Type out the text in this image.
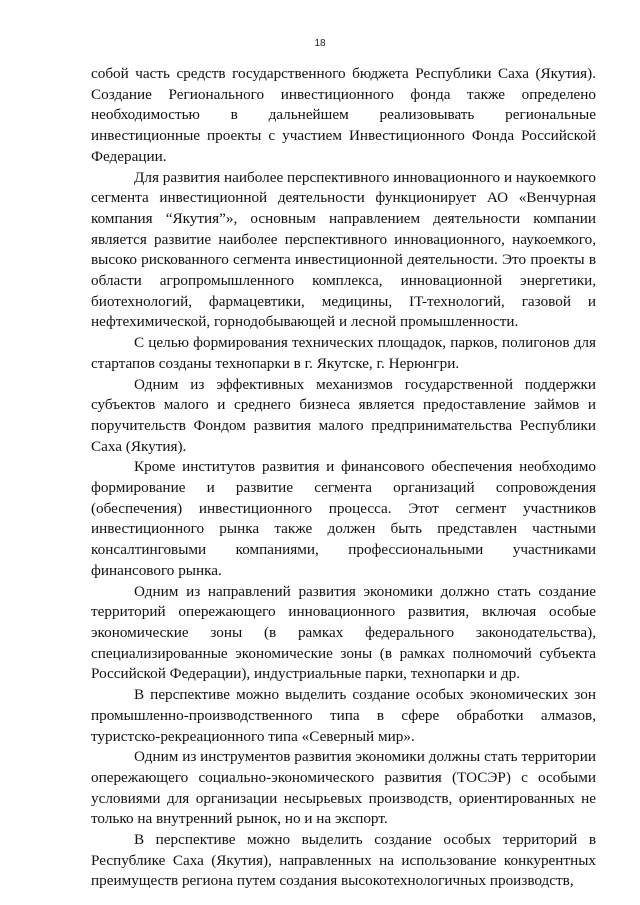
18

собой часть средств государственного бюджета Республики Саха (Якутия). Создание Регионального инвестиционного фонда также определено необходимостью в дальнейшем реализовывать региональные инвестиционные проекты с участием Инвестиционного Фонда Российской Федерации.

Для развития наиболее перспективного инновационного и наукоемкого сегмента инвестиционной деятельности функционирует АО «Венчурная компания “Якутия”», основным направлением деятельности компании является развитие наиболее перспективного инновационного, наукоемкого, высоко рискованного сегмента инвестиционной деятельности. Это проекты в области агропромышленного комплекса, инновационной энергетики, биотехнологий, фармацевтики, медицины, IT-технологий, газовой и нефтехимической, горнодобывающей и лесной промышленности.

С целью формирования технических площадок, парков, полигонов для стартапов созданы технопарки в г. Якутске, г. Нерюнгри.

Одним из эффективных механизмов государственной поддержки субъектов малого и среднего бизнеса является предоставление займов и поручительств Фондом развития малого предпринимательства Республики Саха (Якутия).

Кроме институтов развития и финансового обеспечения необходимо формирование и развитие сегмента организаций сопровождения (обеспечения) инвестиционного процесса. Этот сегмент участников инвестиционного рынка также должен быть представлен частными консалтинговыми компаниями, профессиональными участниками финансового рынка.

Одним из направлений развития экономики должно стать создание территорий опережающего инновационного развития, включая особые экономические зоны (в рамках федерального законодательства), специализированные экономические зоны (в рамках полномочий субъекта Российской Федерации), индустриальные парки, технопарки и др.

В перспективе можно выделить создание особых экономических зон промышленно-производственного типа в сфере обработки алмазов, туристско-рекреационного типа «Северный мир».

Одним из инструментов развития экономики должны стать территории опережающего социально-экономического развития (ТОСЭР) с особыми условиями для организации несырьевых производств, ориентированных не только на внутренний рынок, но и на экспорт.

В перспективе можно выделить создание особых территорий в Республике Саха (Якутия), направленных на использование конкурентных преимуществ региона путем создания высокотехнологичных производств,
